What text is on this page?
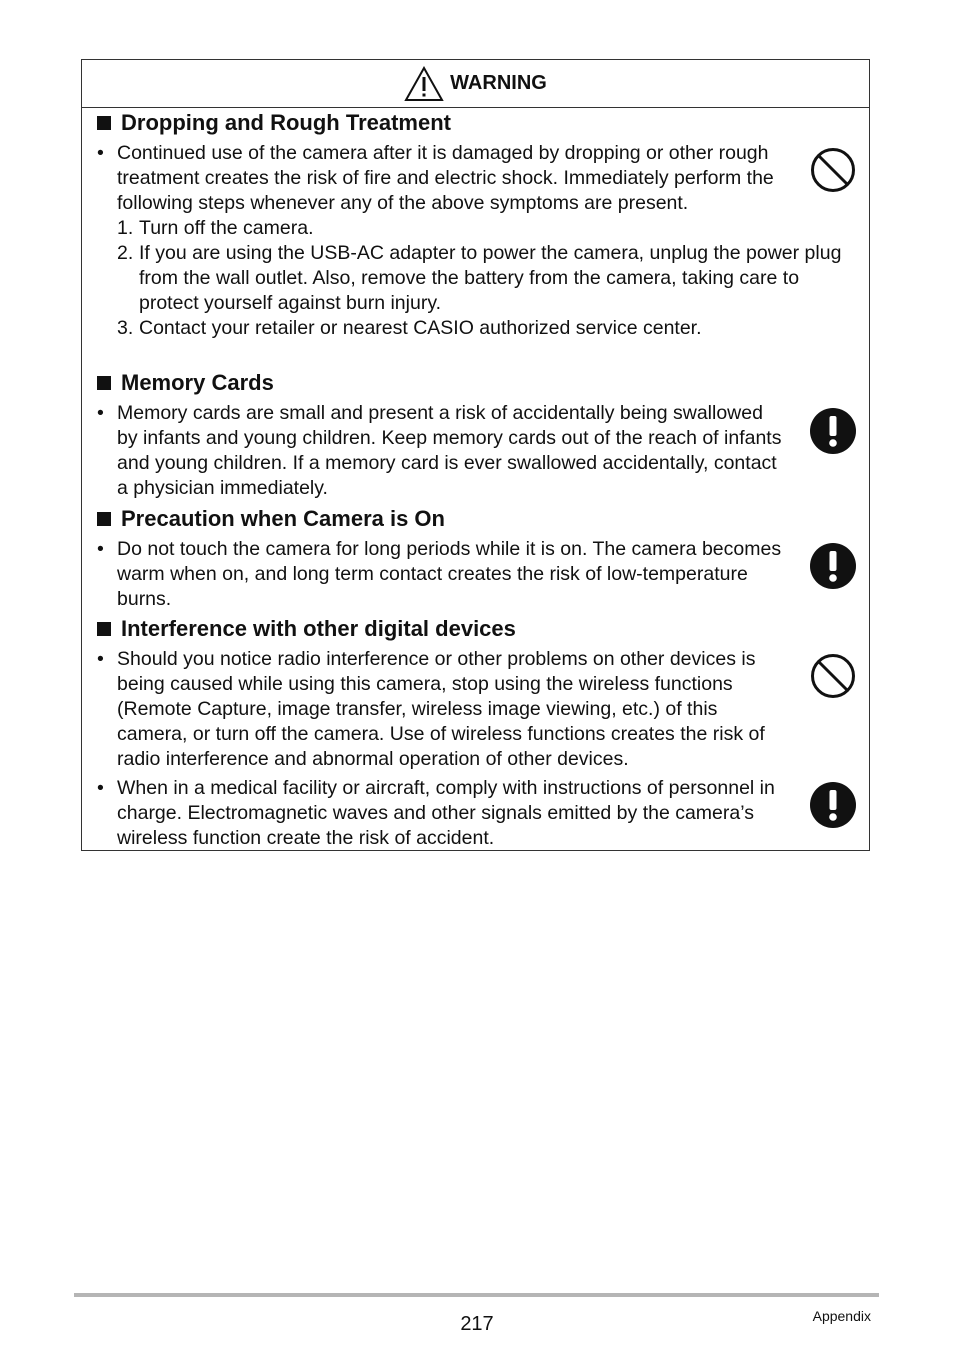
WARNING
Dropping and Rough Treatment
• Continued use of the camera after it is damaged by dropping or other rough treatment creates the risk of fire and electric shock. Immediately perform the following steps whenever any of the above symptoms are present.
1. Turn off the camera.
2. If you are using the USB-AC adapter to power the camera, unplug the power plug from the wall outlet. Also, remove the battery from the camera, taking care to protect yourself against burn injury.
3. Contact your retailer or nearest CASIO authorized service center.
Memory Cards
• Memory cards are small and present a risk of accidentally being swallowed by infants and young children. Keep memory cards out of the reach of infants and young children. If a memory card is ever swallowed accidentally, contact a physician immediately.
Precaution when Camera is On
• Do not touch the camera for long periods while it is on. The camera becomes warm when on, and long term contact creates the risk of low-temperature burns.
Interference with other digital devices
• Should you notice radio interference or other problems on other devices is being caused while using this camera, stop using the wireless functions (Remote Capture, image transfer, wireless image viewing, etc.) of this camera, or turn off the camera. Use of wireless functions creates the risk of radio interference and abnormal operation of other devices.
• When in a medical facility or aircraft, comply with instructions of personnel in charge. Electromagnetic waves and other signals emitted by the camera’s wireless function create the risk of accident.
217	Appendix
